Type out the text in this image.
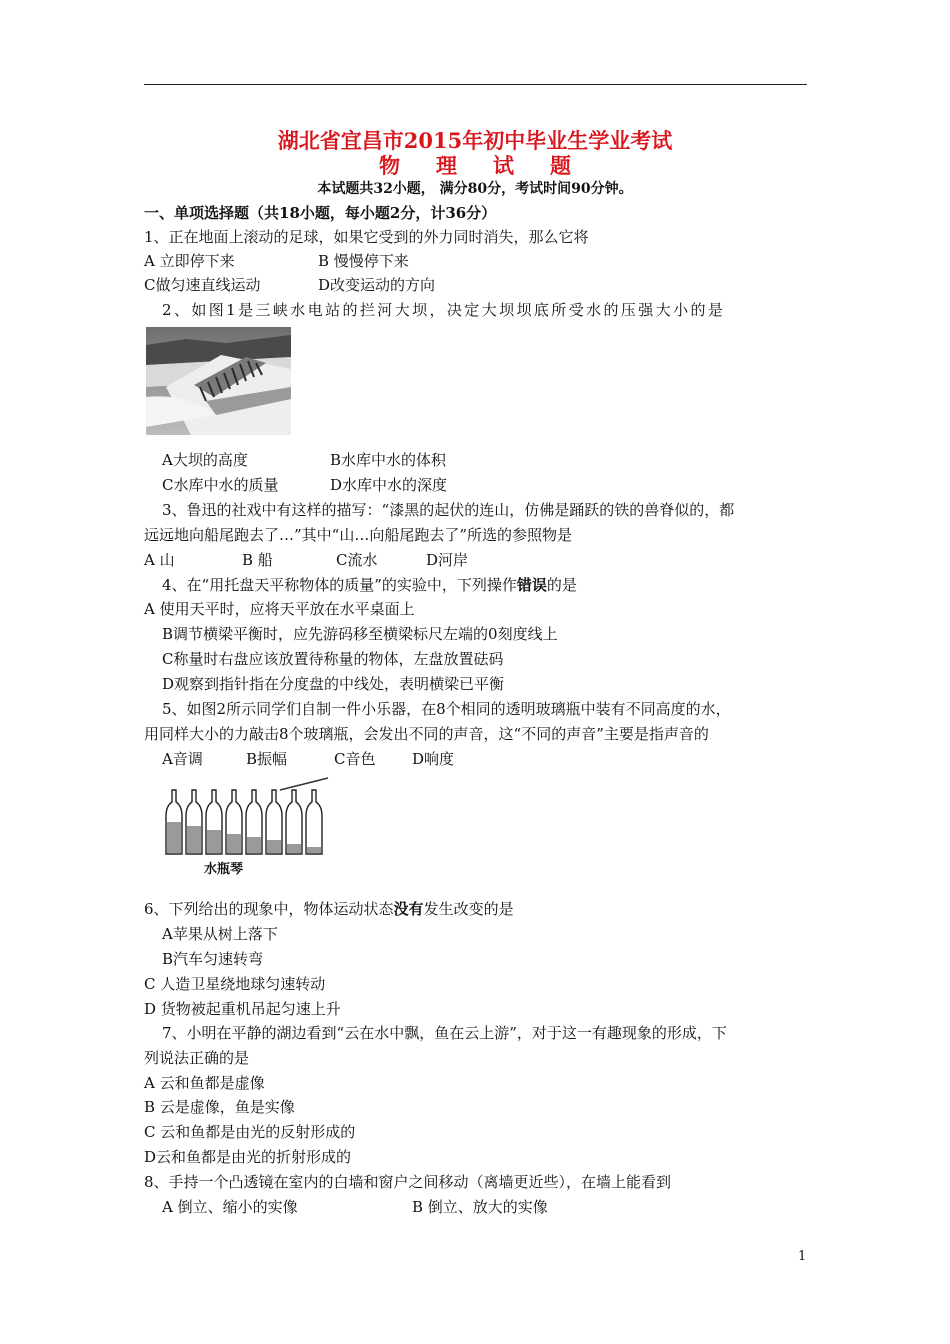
湖北省宜昌市2015年初中毕业生学业考试
物理试题
本试题共32小题， 满分80分，考试时间90分钟。
一、单项选择题（共18小题，每小题2分，计36分）
1、正在地面上滚动的足球，如果它受到的外力同时消失，那么它将
A 立即停下来	B 慢慢停下来
C做匀速直线运动	D改变运动的方向
2、如图1是三峡水电站的拦河大坝，决定大坝坝底所受水的压强大小的是
A大坝的高度	B水库中水的体积
C水库中水的质量	D水库中水的深度
3、鲁迅的社戏中有这样的描写：“漆黑的起伏的连山，仿佛是踊跃的铁的兽脊似的，都
远远地向船尾跑去了…”其中“山…向船尾跑去了”所选的参照物是
A 山	B 船	C流水	D河岸
4、在“用托盘天平称物体的质量”的实验中，下列操作错误的是
A 使用天平时，应将天平放在水平桌面上
B调节横梁平衡时，应先游码移至横梁标尺左端的0刻度线上
C称量时右盘应该放置待称量的物体，左盘放置砝码
D观察到指针指在分度盘的中线处，表明横梁已平衡
5、如图2所示同学们自制一件小乐器，在8个相同的透明玻璃瓶中装有不同高度的水，
用同样大小的力敲击8个玻璃瓶，会发出不同的声音，这“不同的声音”主要是指声音的
A音调	B振幅	C音色 D响度
水瓶琴
6、下列给出的现象中，物体运动状态没有发生改变的是
A苹果从树上落下
B汽车匀速转弯
C 人造卫星绕地球匀速转动
D 货物被起重机吊起匀速上升
7、小明在平静的湖边看到“云在水中飘，鱼在云上游”，对于这一有趣现象的形成，下
列说法正确的是
A 云和鱼都是虚像
B 云是虚像，鱼是实像
C 云和鱼都是由光的反射形成的
D云和鱼都是由光的折射形成的
8、手持一个凸透镜在室内的白墙和窗户之间移动（离墙更近些），在墙上能看到
A 倒立、缩小的实像	B 倒立、放大的实像
1
